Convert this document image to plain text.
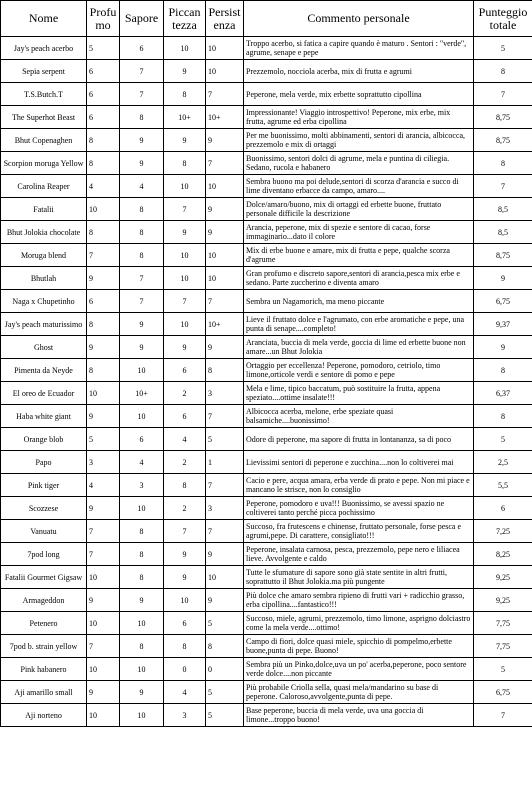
Nome	Profu mo	Sapore	Piccan tezza	Persist enza	Commento personale	Punteggio totale
Jay's peach acerbo	5	6	10	10	Troppo acerbo, si fatica a capire quando è maturo . Sentori : "verde", agrume, senape e pepe	5
Sepia serpent	6	7	9	10	Prezzemolo, nocciola acerba, mix di frutta e agrumi	8
T.S.Butch.T	6	7	8	7	Peperone, mela verde, mix erbette soprattutto cipollina	7
The Superhot Beast	6	8	10+	10+	Impressionante! Viaggio introspettivo! Peperone, mix erbe, mix frutta, agrume ed erba cipollina	8,75
Bhut Copenaghen	8	9	9	9	Per me buonissimo, molti abbinamenti, sentori di arancia, albicocca, prezzemolo e mix di ortaggi	8,75
Scorpion moruga Yellow	8	9	8	7	Buonissimo, sentori dolci di agrume, mela e puntina di ciliegia. Sedano, rucola e habanero	8
Carolina Reaper	4	4	10	10	Sembra buono ma poi delude,sentori di scorza d'arancia e succo di lime diventano erbacce da campo, amaro....	7
Fatalii	10	8	7	9	Dolce/amaro/buono, mix di ortaggi ed erbette buone, fruttato personale difficile la descrizione	8,5
Bhut Jolokia chocolate	8	8	9	9	Arancia, peperone, mix di spezie e sentore di cacao, forse immaginario...dato il colore	8,5
Moruga blend	7	8	10	10	Mix di erbe buone e amare, mix di frutta e pepe, qualche scorza d'agrume	8,75
Bhutlah	9	7	10	10	Gran profumo e discreto sapore,sentori di arancia,pesca mix erbe e sedano. Parte zuccherino e diventa amaro	9
Naga x Chupetinho	6	7	7	7	Sembra un Nagamorich, ma meno piccante	6,75
Jay's peach maturissimo	8	9	10	10+	Lieve il fruttato dolce e l'agrumato, con erbe aromatiche e pepe, una punta di senape....completo!	9,37
Ghost	9	9	9	9	Aranciata, buccia di mela verde, goccia di lime ed erbette buone non amare...un Bhut Jolokia	9
Pimenta da Neyde	8	10	6	8	Ortaggio per eccellenza! Peperone, pomodoro, cetriolo, timo limone,orticole verdi e sentore di pomo e pepe	8
El oreo de Ecuador	10	10+	2	3	Mela e lime, tipico baccatum, può sostituire la frutta, appena speziato....ottime insalate!!!	6,37
Haba white giant	9	10	6	7	Albicocca acerba, melone, erbe speziate quasi balsamiche....buonissimo!	8
Orange blob	5	6	4	5	Odore di peperone, ma sapore di frutta in lontananza, sa di poco	5
Papo	3	4	2	1	Lievissimi sentori di peperone e zucchina....non lo coltiverei mai	2,5
Pink tiger	4	3	8	7	Cacio e pere, acqua amara, erba verde di prato e pepe. Non mi piace e mancano le strisce, non lo consiglio	5,5
Scozzese	9	10	2	3	Peperone, pomodoro e uva!!! Buonissimo, se avessi spazio ne coltiverei tanto perché picca pochissimo	6
Vanuatu	7	8	7	7	Succoso, fra frutescens e chinense, fruttato personale, forse pesca e agrumi,pepe. Di carattere, consigliato!!!	7,25
7pod long	7	8	9	9	Peperone, insalata carnosa, pesca, prezzemolo, pepe nero e liliacea lieve. Avvolgente e caldo	8,25
Fatalii Gourmet Gigsaw	10	8	9	10	Tutte le sfumature di sapore sono già state sentite in altri frutti, soprattutto il Bhut Jolokia.ma più pungente	9,25
Armageddon	9	9	10	9	Più dolce che amaro sembra ripieno di frutti vari + radicchio grasso, erba cipollina....fantastico!!!	9,25
Petenero	10	10	6	5	Succoso, miele, agrumi, prezzemolo, timo limone, asprigno dolciastro come la mela verde....ottimo!	7,75
7pod b. strain yellow	7	8	8	8	Campo di fiori, dolce quasi miele, spicchio di pompelmo,erbette buone,punta di pepe. Buono!	7,75
Pink habanero	10	10	0	0	Sembra più un Pinko,dolce,uva un po' acerba,peperone, poco sentore verde dolce....non piccante	5
Aji amarillo small	9	9	4	5	Più probabile Criolla sella, quasi mela/mandarino su base di peperone. Caloroso,avvolgente,punta di pepe.	6,75
Aji norteno	10	10	3	5	Base peperone, buccia di mela verde, uva una goccia di limone...troppo buono!	7
